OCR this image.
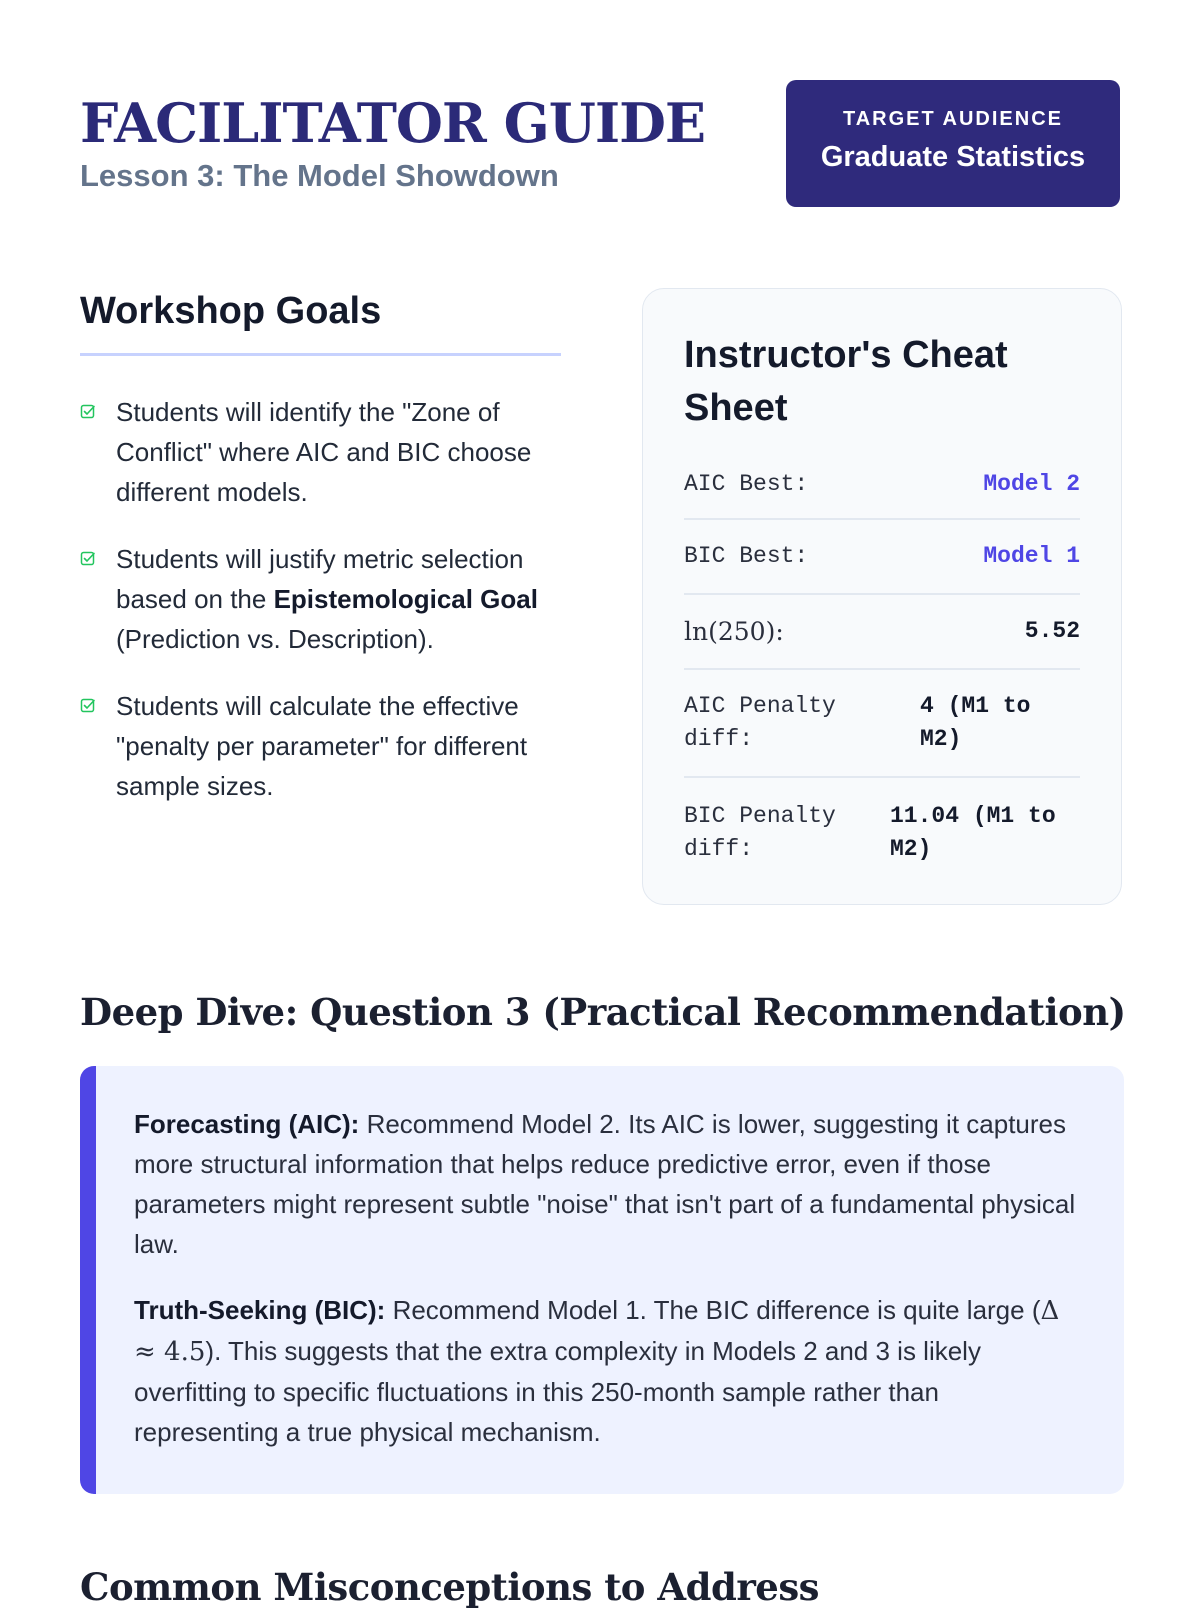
FACILITATOR GUIDE
Lesson 3: The Model Showdown
TARGET AUDIENCE
Graduate Statistics
Workshop Goals
Students will identify the "Zone of Conflict" where AIC and BIC choose different models.
Students will justify metric selection based on the Epistemological Goal (Prediction vs. Description).
Students will calculate the effective "penalty per parameter" for different sample sizes.
Instructor's Cheat Sheet
AIC Best:	Model 2
BIC Best:	Model 1
ln(250):	5.52
AIC Penalty diff:
4 (M1 to M2)
BIC Penalty diff:
11.04 (M1 to M2)
Deep Dive: Question 3 (Practical Recommendation)

Forecasting (AIC): Recommend Model 2. Its AIC is lower, suggesting it captures more structural information that helps reduce predictive error, even if those parameters might represent subtle "noise" that isn't part of a fundamental physical law.

Truth-Seeking (BIC): Recommend Model 1. The BIC difference is quite large (Δ ≈ 4.5). This suggests that the extra complexity in Models 2 and 3 is likely overfitting to specific fluctuations in this 250-month sample rather than representing a true physical mechanism.

Common Misconceptions to Address
